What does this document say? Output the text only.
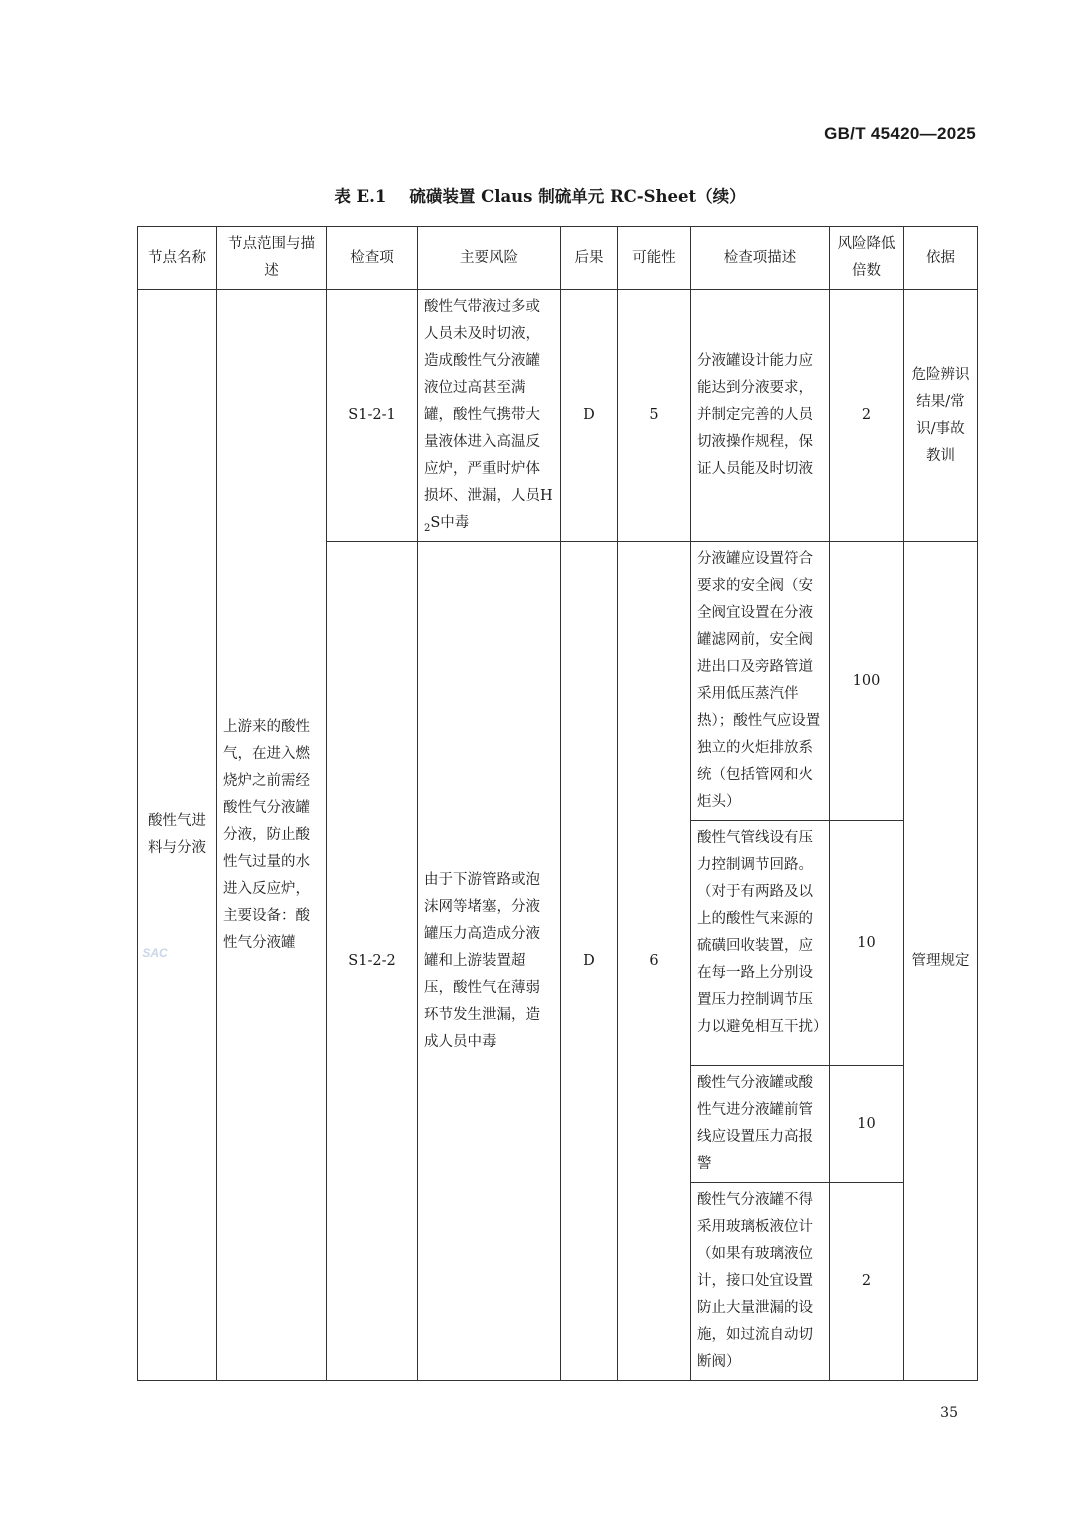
GB/T 45420—2025
表 E.1    硫磺装置 Claus 制硫单元 RC-Sheet（续）
节点名称	节点范围与描述	检查项	主要风险	后果	可能性	检查项描述	风险降低倍数	依据
酸性气进料与分液	上游来的酸性气，在进入燃烧炉之前需经酸性气分液罐分液，防止酸性气过量的水进入反应炉，主要设备：酸性气分液罐	S1-2-1	酸性气带液过多或人员未及时切液，造成酸性气分液罐液位过高甚至满罐，酸性气携带大量液体进入高温反应炉，严重时炉体损坏、泄漏，人员$H_2S$中毒	D	5	分液罐设计能力应能达到分液要求，并制定完善的人员切液操作规程，保证人员能及时切液	2	危险辨识结果/常识/事故教训
		S1-2-2	由于下游管路或泡沫网等堵塞，分液罐压力高造成分液罐和上游装置超压，酸性气在薄弱环节发生泄漏，造成人员中毒	D	6	分液罐应设置符合要求的安全阀（安全阀宜设置在分液罐滤网前，安全阀进出口及旁路管道采用低压蒸汽伴热）；酸性气应设置独立的火炬排放系统（包括管网和火炬头）	100	管理规定
						酸性气管线设有压力控制调节回路。（对于有两路及以上的酸性气来源的硫磺回收装置，应在每一路上分别设置压力控制调节压力以避免相互干扰）	10	
						酸性气分液罐或酸性气进分液罐前管线应设置压力高报警	10	
						酸性气分液罐不得采用玻璃板液位计（如果有玻璃液位计，接口处宜设置防止大量泄漏的设施，如过流自动切断阀）	2	
SAC
35
